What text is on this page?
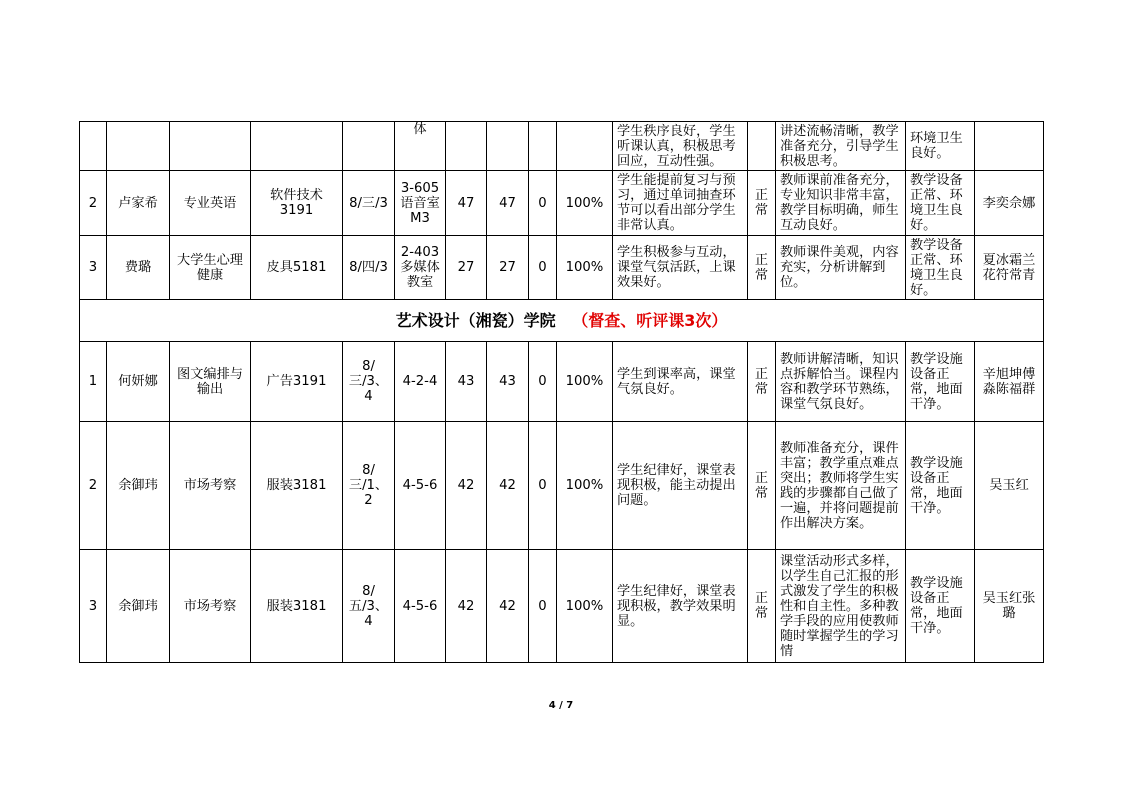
					体					学生秩序良好，学生听课认真，积极思考回应，互动性强。		讲述流畅清晰，教学准备充分，引导学生积极思考。	环境卫生良好。	
2	卢家希	专业英语	软件技术3191	8/三/3	3-605语音室M3	47	47	0	100%	学生能提前复习与预习，通过单词抽查环节可以看出部分学生非常认真。	正常	教师课前准备充分，专业知识非常丰富，教学目标明确，师生互动良好。	教学设备正常、环境卫生良好。	李奕佘娜
3	费璐	大学生心理健康	皮具5181	8/四/3	2-403多媒体教室	27	27	0	100%	学生积极参与互动，课堂气氛活跃，上课效果好。	正常	教师课件美观，内容充实，分析讲解到位。	教学设备正常、环境卫生良好。	夏冰霜兰花符常青
艺术设计（湘瓷）学院 （督查、听评课3次）														
1	何妍娜	图文编排与输出	广告3191	8/三/3、4	4-2-4	43	43	0	100%	学生到课率高，课堂气氛良好。	正常	教师讲解清晰，知识点拆解恰当。课程内容和教学环节熟练，课堂气氛良好。	教学设施设备正常，地面干净。	辛旭坤傅淼陈福群
2	余御玮	市场考察	服装3181	8/三/1、2	4-5-6	42	42	0	100%	学生纪律好，课堂表现积极，能主动提出问题。	正常	教师准备充分，课件丰富；教学重点难点突出；教师将学生实践的步骤都自己做了一遍，并将问题提前作出解决方案。	教学设施设备正常，地面干净。	吴玉红
3	余御玮	市场考察	服装3181	8/五/3、4	4-5-6	42	42	0	100%	学生纪律好，课堂表现积极，教学效果明显。	正常	课堂活动形式多样，以学生自己汇报的形式激发了学生的积极性和自主性。多种教学手段的应用使教师随时掌握学生的学习情	教学设施设备正常，地面干净。	吴玉红张璐
4 / 7
